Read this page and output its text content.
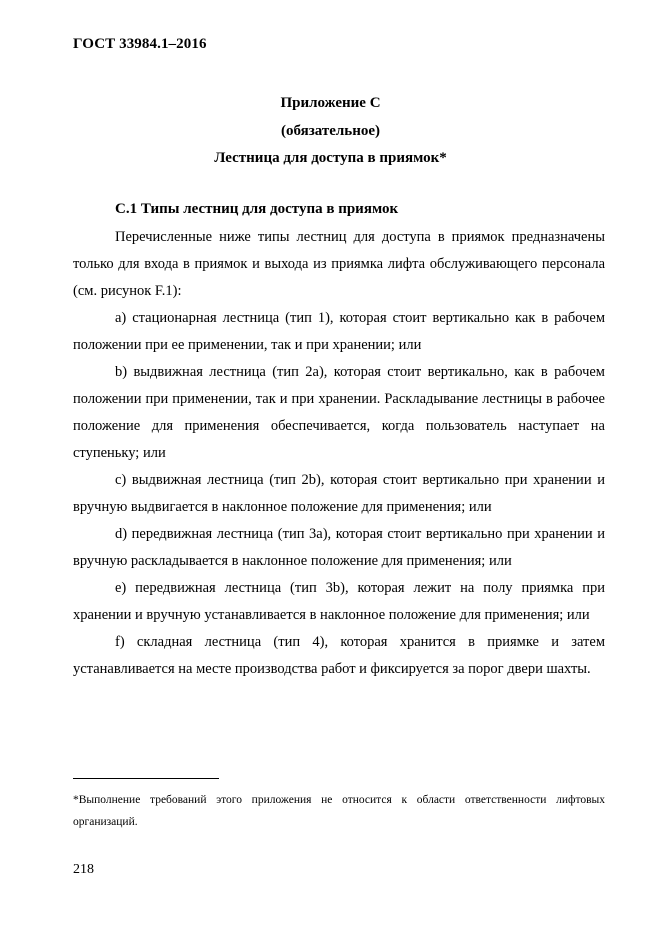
ГОСТ 33984.1–2016
Приложение С
(обязательное)
Лестница для доступа в приямок*
С.1 Типы лестниц для доступа в приямок

Перечисленные ниже типы лестниц для доступа в приямок предназначены только для входа в приямок и выхода из приямка лифта обслуживающего персонала (см. рисунок F.1):

а) стационарная лестница (тип 1), которая стоит вертикально как в рабочем положении при ее применении, так и при хранении; или

b) выдвижная лестница (тип 2а), которая стоит вертикально, как в рабочем положении при применении, так и при хранении. Раскладывание лестницы в рабочее положение для применения обеспечивается, когда пользователь наступает на ступеньку; или

с) выдвижная лестница (тип 2b), которая стоит вертикально при хранении и вручную выдвигается в наклонное положение для применения; или

d) передвижная лестница (тип 3а), которая стоит вертикально при хранении и вручную раскладывается в наклонное положение для применения; или

е) передвижная лестница (тип 3b), которая лежит на полу приямка при хранении и вручную устанавливается в наклонное положение для применения; или

f) складная лестница (тип 4), которая хранится в приямке и затем устанавливается на месте производства работ и фиксируется за порог двери шахты.

*Выполнение требований этого приложения не относится к области ответственности лифтовых организаций.
218
